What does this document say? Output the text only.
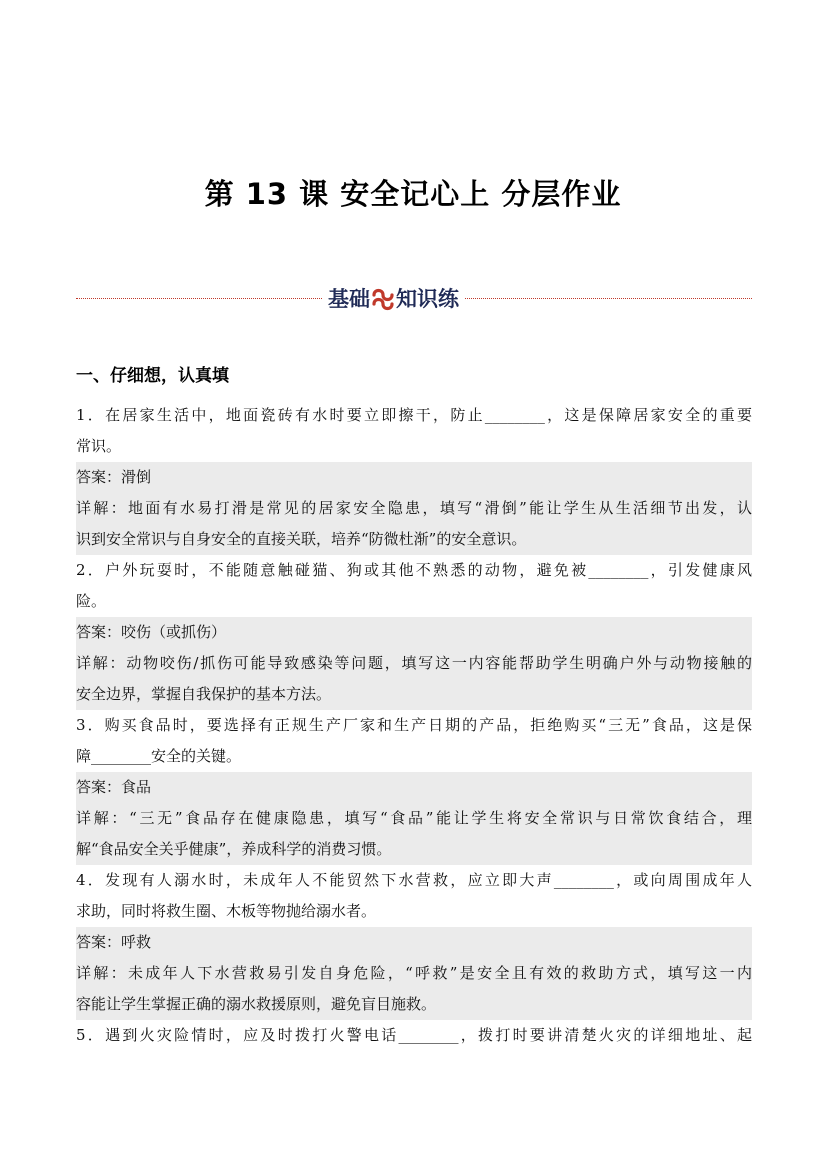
第 13 课 安全记心上 分层作业
基础 知识练
一、仔细想，认真填
1．在居家生活中，地面瓷砖有水时要立即擦干，防止________，这是保障居家安全的重要
常识。
答案：滑倒
详解：地面有水易打滑是常见的居家安全隐患，填写“滑倒”能让学生从生活细节出发，认
识到安全常识与自身安全的直接关联，培养“防微杜渐”的安全意识。
2．户外玩耍时，不能随意触碰猫、狗或其他不熟悉的动物，避免被________，引发健康风
险。
答案：咬伤（或抓伤）
详解：动物咬伤/抓伤可能导致感染等问题，填写这一内容能帮助学生明确户外与动物接触的
安全边界，掌握自我保护的基本方法。
3．购买食品时，要选择有正规生产厂家和生产日期的产品，拒绝购买“三无”食品，这是保
障________安全的关键。
答案：食品
详解：“三无”食品存在健康隐患，填写“食品”能让学生将安全常识与日常饮食结合，理
解“食品安全关乎健康”，养成科学的消费习惯。
4．发现有人溺水时，未成年人不能贸然下水营救，应立即大声________，或向周围成年人
求助，同时将救生圈、木板等物抛给溺水者。
答案：呼救
详解：未成年人下水营救易引发自身危险，“呼救”是安全且有效的救助方式，填写这一内
容能让学生掌握正确的溺水救援原则，避免盲目施救。
5．遇到火灾险情时，应及时拨打火警电话________，拨打时要讲清楚火灾的详细地址、起
